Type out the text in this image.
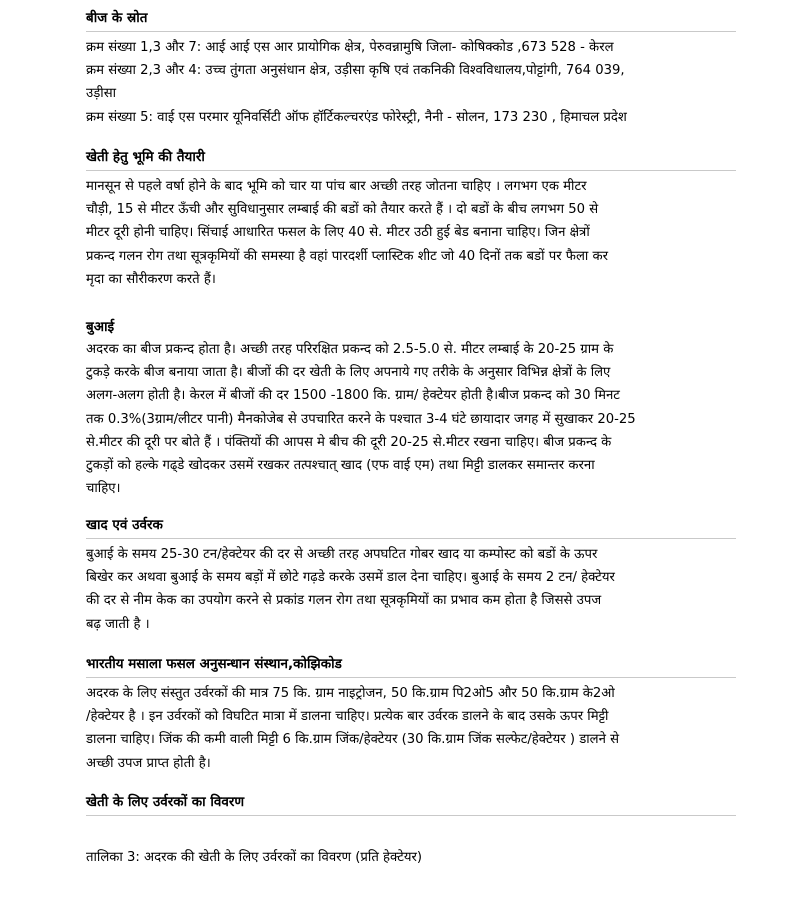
बीज के स्रोत
क्रम संख्या 1,3 और 7: आई आई एस आर प्रायोगिक क्षेत्र, पेरुवन्नामुषि जिला- कोषिक्कोड ,673 528 - केरल
क्रम संख्या 2,3 और 4: उच्च तुंगता अनुसंधान क्षेत्र, उड़ीसा कृषि एवं तकनिकी विश्वविधालय,पोट्टांगी, 764 039,
उड़ीसा
क्रम संख्या 5: वाई एस परमार यूनिवर्सिटी ऑफ हॉर्टिकल्चरएंड फोरेस्ट्री, नैनी - सोलन, 173 230 , हिमाचल प्रदेश
खेती हेतु भूमि की तैयारी
मानसून से पहले वर्षा होने के बाद भूमि को चार या पांच बार अच्छी तरह जोतना चाहिए । लगभग एक मीटर
चौड़ी, 15 से मीटर ऊँची और सुविधानुसार लम्बाई की बडों को तैयार करते हैं । दो बडों के बीच लगभग 50 से
मीटर दूरी होनी चाहिए। सिंचाई आधारित फसल के लिए 40 से. मीटर उठी हुई बेड बनाना चाहिए। जिन क्षेत्रों
प्रकन्द गलन रोग तथा सूत्रकृमियों की समस्या है वहां पारदर्शी प्लास्टिक शीट जो 40 दिनों तक बडों पर फैला कर
मृदा का सौरीकरण करते हैं।
बुआई
अदरक का बीज प्रकन्द होता है। अच्छी तरह परिरक्षित प्रकन्द को 2.5-5.0 से. मीटर लम्बाई के 20-25 ग्राम के
टुकड़े करके बीज बनाया जाता है। बीजों की दर खेती के लिए अपनाये गए तरीके के अनुसार विभिन्न क्षेत्रों के लिए
अलग-अलग होती है। केरल में बीजों की दर 1500 -1800 कि. ग्राम/ हेक्टेयर होती है।बीज प्रकन्द को 30 मिनट
तक 0.3%(3ग्राम/लीटर पानी) मैनकोजेब से उपचारित करने के पश्चात 3-4 घंटे छायादार जगह में सुखाकर 20-25
से.मीटर की दूरी पर बोते हैं । पंक्तियों की आपस मे बीच की दूरी 20-25 से.मीटर रखना चाहिए। बीज प्रकन्द के
टुकड़ों को हल्के गढ्डे खोदकर उसमें रखकर तत्पश्चात् खाद (एफ वाई एम) तथा मिट्टी डालकर समान्तर करना
चाहिए।
खाद एवं उर्वरक
बुआई के समय 25-30 टन/हेक्टेयर की दर से अच्छी तरह अपघटित गोबर खाद या कम्पोस्ट को बडों के ऊपर
बिखेर कर अथवा बुआई के समय बड़ों में छोटे गढ़डे करके उसमें डाल देना चाहिए। बुआई के समय 2 टन/ हेक्टेयर
की दर से नीम केक का उपयोग करने से प्रकांड गलन रोग तथा सूत्रकृमियों का प्रभाव कम होता है जिससे उपज
बढ़ जाती है ।
भारतीय मसाला फसल अनुसन्धान संस्थान,कोझिकोड
अदरक के लिए संस्तुत उर्वरकों की मात्र 75 कि. ग्राम नाइट्रोजन, 50 कि.ग्राम पि2ओ5 और 50 कि.ग्राम के2ओ
/हेक्टेयर है । इन उर्वरकों को विघटित मात्रा में डालना चाहिए। प्रत्येक बार उर्वरक डालने के बाद उसके ऊपर मिट्टी
डालना चाहिए। जिंक की कमी वाली मिट्टी 6 कि.ग्राम जिंक/हेक्टेयर (30 कि.ग्राम जिंक सल्फेट/हेक्टेयर ) डालने से
अच्छी उपज प्राप्त होती है।
खेती के लिए उर्वरकों का विवरण
तालिका 3: अदरक की खेती के लिए उर्वरकों का विवरण (प्रति हेक्टेयर)
